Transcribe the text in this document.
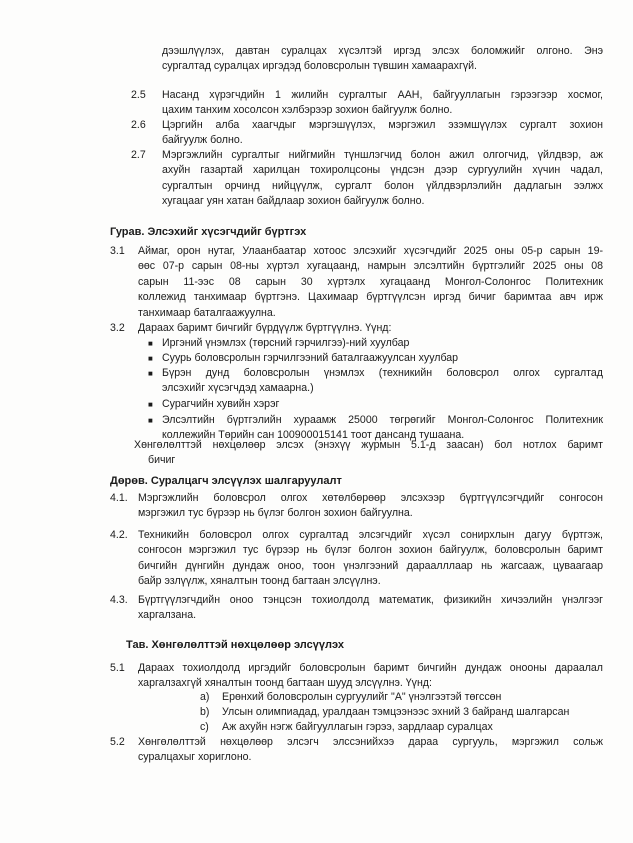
дээшлүүлэх, давтан суралцах хүсэлтэй иргэд элсэх боломжийг олгоно. Энэ
сургалтад суралцах иргэдэд боловсролын түвшин хамаарахгүй.
2.5 Насанд хүрэгчдийн 1 жилийн сургалтыг ААН, байгууллагын гэрээгээр хосмог,
цахим танхим хосолсон хэлбэрээр зохион байгуулж болно.
2.6 Цэргийн алба хаагчдыг мэргэшүүлэх, мэргэжил эзэмшүүлэх сургалт зохион
байгуулж болно.
2.7 Мэргэжлийн сургалтыг нийгмийн түншлэгчид болон ажил олгогчид, үйлдвэр, аж
ахуйн газартай харилцан тохиролцсоны үндсэн дээр сургуулийн хүчин чадал,
сургалтын орчинд нийцүүлж, сургалт болон үйлдвэрлэлийн дадлагын ээлжх
хугацааг уян хатан байдлаар зохион байгуулж болно.
Гурав. Элсэхийг хүсэгчдийг бүртгэх
3.1 Аймаг, орон нутаг, Улаанбаатар хотоос элсэхийг хүсэгчдийг 2025 оны 05-р сарын 19-
өөс 07-р сарын 08-ны хүртэл хугацаанд, намрын элсэлтийн бүртгэлийг 2025 оны 08
сарын 11-ээс 08 сарын 30 хүртэлх хугацаанд Монгол-Солонгос Политехник
коллежид танхимаар бүртгэнэ. Цахимаар бүртгүүлсэн иргэд бичиг баримтаа авч ирж
танхимаар баталгаажуулна.
3.2 Дараах баримт бичгийг бүрдүүлж бүртгүүлнэ. Үүнд:
■ Иргэний үнэмлэх (төрсний гэрчилгээ)-ний хуулбар
■ Суурь боловсролын гэрчилгээний баталгаажуулсан хуулбар
■ Бүрэн дунд боловсролын үнэмлэх (техникийн боловсрол олгох сургалтад
элсэхийг хүсэгчдэд хамаарна.)
■ Сурагчийн хувийн хэрэг
■ Элсэлтийн бүртгэлийн хураамж 25000 төгрөгийг Монгол-Солонгос Политехник
коллежийн Төрийн сан 100900015141 тоот дансанд тушаана.
Хөнгөлөлттэй нөхцөлөөр элсэх (энэхүү журмын 5.1-д заасан) бол нотлох баримт
бичиг
Дөрөв. Суралцагч элсүүлэх шалгаруулалт
4.1. Мэргэжлийн боловсрол олгох хөтөлбөрөөр элсэхээр бүртгүүлсэгчдийг сонгосон
мэргэжил тус бүрээр нь бүлэг болгон зохион байгуулна.
4.2. Техникийн боловсрол олгох сургалтад элсэгчдийг хүсэл сонирхлын дагуу бүртгэж,
сонгосон мэргэжил тус бүрээр нь бүлэг болгон зохион байгуулж, боловсролын баримт
бичгийн дүнгийн дундаж оноо, тоон үнэлгээний дараалллаар нь жагсааж, цуваагаар
байр эзлүүлж, хяналтын тоонд багтаан элсүүлнэ.
4.3. Бүртгүүлэгчдийн оноо тэнцсэн тохиолдолд математик, физикийн хичээлийн үнэлгээг
харгалзана.
Тав. Хөнгөлөлттэй нөхцөлөөр элсүүлэх
5.1 Дараах тохиолдолд иргэдийг боловсролын баримт бичгийн дундаж онооны дараалал
харгалзахгүй хяналтын тоонд багтаан шууд элсүүлнэ. Үүнд:
a) Ерөнхий боловсролын сургуулийг "А" үнэлгээтэй төгссөн
b) Улсын олимпиадад, уралдаан тэмцээнээс эхний 3 байранд шалгарсан
c) Аж ахуйн нэгж байгууллагын гэрээ, зардлаар суралцах
5.2 Хөнгөлөлттэй нөхцөлөөр элсэгч элссэнийхээ дараа сургууль, мэргэжил сольж
суралцахыг хориглоно.
